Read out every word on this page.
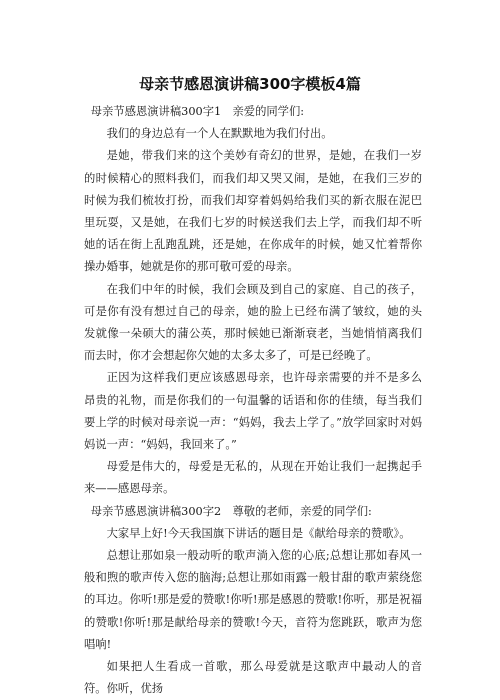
母亲节感恩演讲稿300字模板4篇

母亲节感恩演讲稿300字1　亲爱的同学们:

我们的身边总有一个人在默默地为我们付出。

是她，带我们来的这个美妙有奇幻的世界，是她，在我们一岁的时候精心的照料我们，而我们却又哭又闹，是她，在我们三岁的时候为我们梳妆打扮，而我们却穿着妈妈给我们买的新衣服在泥巴里玩耍，又是她，在我们七岁的时候送我们去上学，而我们却不听她的话在街上乱跑乱跳，还是她，在你成年的时候，她又忙着帮你操办婚事，她就是你的那可敬可爱的母亲。

在我们中年的时候，我们会顾及到自己的家庭、自己的孩子，可是你有没有想过自己的母亲，她的脸上已经布满了皱纹，她的头发就像一朵硕大的蒲公英，那时候她已渐渐衰老，当她悄悄离我们而去时，你才会想起你欠她的太多太多了，可是已经晚了。

正因为这样我们更应该感恩母亲，也许母亲需要的并不是多么昂贵的礼物，而是你我们的一句温馨的话语和你的佳绩，每当我们要上学的时候对母亲说一声：“妈妈，我去上学了。”放学回家时对妈妈说一声：“妈妈，我回来了。”

母爱是伟大的，母爱是无私的，从现在开始让我们一起携起手来——感恩母亲。

母亲节感恩演讲稿300字2　尊敬的老师，亲爱的同学们:

大家早上好!今天我国旗下讲话的题目是《献给母亲的赞歌》。

总想让那如泉一般动听的歌声淌入您的心底;总想让那如春风一般和煦的歌声传入您的脑海;总想让那如雨露一般甘甜的歌声萦绕您的耳边。你听!那是爱的赞歌!你听!那是感恩的赞歌!你听，那是祝福的赞歌!你听!那是献给母亲的赞歌!今天，音符为您跳跃，歌声为您唱响!

如果把人生看成一首歌，那么母爱就是这歌声中最动人的音符。你听，优扬
